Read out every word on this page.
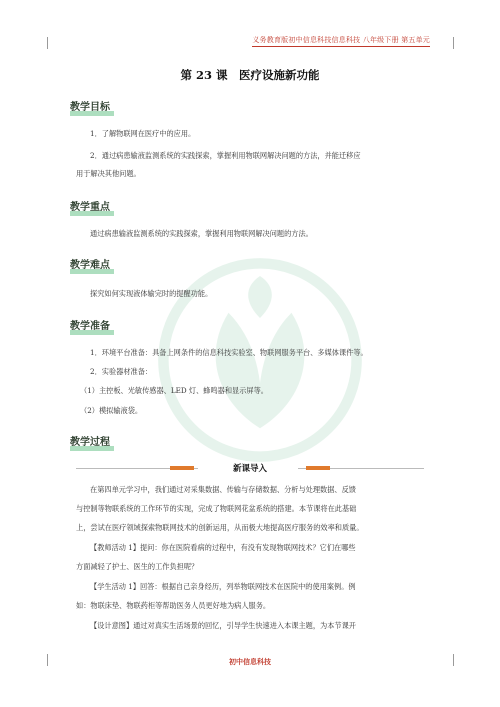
义务教育版初中信息科技信息科技 八年级下册 第五单元
第 23 课　医疗设施新功能
教学目标
1．了解物联网在医疗中的应用。
2．通过病患输液监测系统的实践探索，掌握利用物联网解决问题的方法，并能迁移应
用于解决其他问题。
教学重点
通过病患输液监测系统的实践探索，掌握利用物联网解决问题的方法。
教学难点
探究如何实现液体输完时的提醒功能。
教学准备
1．环境平台准备：具备上网条件的信息科技实验室、物联网服务平台、多媒体课件等。
2．实验器材准备：
（1）主控板、光敏传感器、LED 灯、蜂鸣器和显示屏等。
（2）模拟输液袋。
教学过程
新课导入
在第四单元学习中，我们通过对采集数据、传输与存储数据、分析与处理数据、反馈
与控制等物联系统的工作环节的实现，完成了物联网花盆系统的搭建。本节课将在此基础
上，尝试在医疗领域探索物联网技术的创新运用，从而极大地提高医疗服务的效率和质量。
【教师活动 1】提问：你在医院看病的过程中，有没有发现物联网技术？它们在哪些
方面减轻了护士、医生的工作负担呢？
【学生活动 1】回答：根据自己亲身经历，列举物联网技术在医院中的使用案例。例
如：物联床垫、物联药柜等帮助医务人员更好地为病人服务。
【设计意图】通过对真实生活场景的回忆，引导学生快速进入本课主题，为本节课开
初中信息科技
